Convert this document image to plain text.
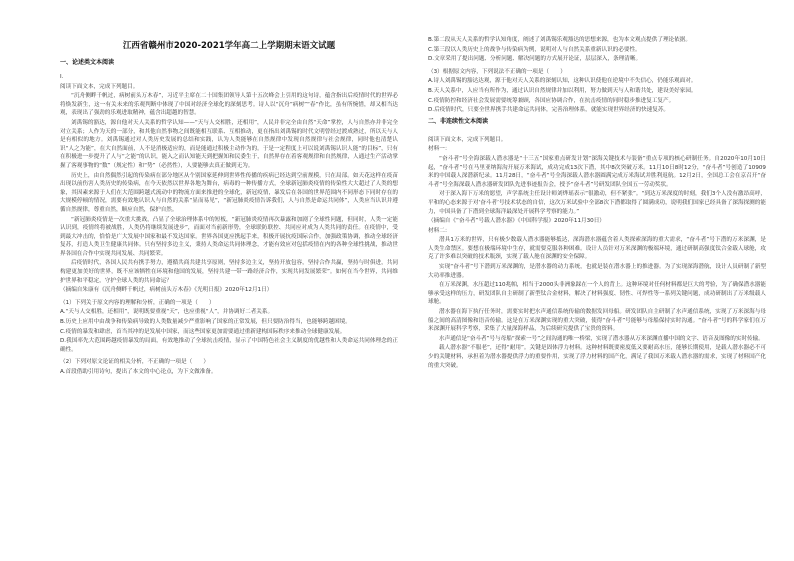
江西省赣州市2020-2021学年高二上学期期末语文试题
一、论述类文本阅读

I.

阅读下面文本，完成下列题目。

“沉舟侧畔千帆过，病树前头万木春”，习近平主席在二十国集团领导人第十五次峰会上引用的这句诗，蕴含指出后疫情时代的世界必将焕发新生，这一有关未来的乐观判断中体现了中国对经济全球化的深刻思考。诗人以“沉舟”病树”“春”作比，虽有所惋惜，却又相当达观，表现出了强劲的乐观进取精神，蕴含出超越的智慧。

刘禹锡的豁达，源自他对天人关系的哲学认知——“天与人交相胜，还相用”，人民并非完全由自然“天命”掌控，人与自然亦并非完全对立关系；人作为天的一部分，和其他自然事物之间既能相互联系、互相推动，更在指出刘禹锡的时代文明曾经过渡成熟过，所以天与人是有相似的地方。刘禹锡通过对人类历史发展的总结和实践，认为人类能够在自然规律中发现自然规律与社会规律，同时他也清楚认识“人之为能”，在大自然面前，人不是消极适应的，而是能通过积极主动作为的。于是一定程度上可以说刘禹锡认识人能“的目标”，只有在积极进一步提升了人与“之能”的认识，能入之而认知能天到把握知和民委生于，自然界存在着客观规律和自然规律，人通过生产活动掌握了客观事物的“数”（规定性）和“势”（必然性），人要能够去真正做到无为。

历史上，由自然偶然引起的传染病在部分地区从个别国家延伸到世界性传播的疾病已经达到空前规模，只在局部。如天花这样在疫苗出现以前伤害人类历史的传染病，在今天依然以世界各地为舞台，病毒的一种传播方式，全球新冠肺炎疫情的传染性大大超过了人类的想象，其因素来源于人们在大范围跨越式流动中的物流方面来推进的全球化，新冠疫情，暴发后在各国的世界范围内不同形态下同时存在的大规模停顿的情况，需要有效地认识人与自然的关系“显而易见”，“新冠肺炎疫情告诉我们，人与自然是命运共同体”，人类应当认识并遵循自然规律，尊重自然，顺应自然，保护自然。

“新冠肺炎疫情是一次重大挑战，凸显了全球治理体系中的短板，“新冠肺炎疫情再次暴露和加剧了全球性问题，但同时，人类一定能认识到，疫情终将被战胜，人类仍将继续发展进步”，而面对当前新形势，全球联防联控、共同应对成为人类共同的责任。在疫情中，受到最大冲击的，恰恰是广大发展中国家和最不发达国家。世界各国更应携起手来，积极开展抗疫国际合作，加强政策协调，推动全球经济复苏，打造人类卫生健康共同体。只有坚持多边主义，秉持人类命运共同体理念，才能有效应对包括疫情在内的各种全球性挑战，推动世界各国在合作中实现共同发展、共同繁荣。

后疫情时代，各国人民共有携手努力，遵循共商共建共享原则，坚持多边主义，坚持开放包容，坚持合作共赢，坚持与时俱进，共同构建更加美好的世界，既不应该牺牲在环境和他国的发展，坚持共建一带一路经济合作，实现共同发展繁荣”。如何在当今世界，共同维护世界和平稳定，守护全球人类的共同命运？

（摘编自朱康有《沉舟侧畔千帆过，病树前头万木春》《光明日报》2020年12月1日）

（1）下列关于原文内容的理解和分析，正确的一项是（　　）

A.“天与人交相胜，还相用”，说明既要重视“天”，也应重视“人”，并协调好二者关系。

B.历史上应用中由战争和传染病导致的人类数量减少严重影响了国家的正常发展，但只要防治得当，也能够跨越困境。

C.疫情的暴发和肆虐，首当其冲的是发展中国家，而这些国家更加需要通过重新建构国际秩序来推动全球健康发展。

D.我国率先大范围跨越疫情暴发的局面，有效地推动了全球抗击疫情，显示了中国特色社会主义制度的优越性和人类命运共同体理念的正确性。

（2）下列对原文论证的相关分析，不正确的一项是（　　）

A.首段借助引用诗句，提出了本文的中心论点，为下文做准备。

B.第二段从天人关系的哲学认知角度，阐述了刘禹锡乐观豁达的思想来源，也为本文观点提供了理论依据。

C.第三段以人类历史上的战争与传染病为例，说明对人与自然关系重新认识的必要性。

D.文章采用了提出问题、分析问题、解决问题的方式展开论证，层层深入，条理清晰。

（3）根据原文内容，下列说法不正确的一项是（　　）

A.诗人刘禹锡的豁达达观，源于他对天人关系的深刻认知，这种认识使他在逆境中不失信心，仍能乐观面对。

B.天人关系中，人应当有所作为，通过认识自然规律并加以利用，努力做到天与人和谐共处，建设美好家园。

C.疫情防控和经济社会发展需要统筹兼顾，各国应协调合作，在抗击疫情的同时稳步推进复工复产。

D.后疫情时代，只要全世界携手共建命运共同体，完善治理体系，就能实现世界经济的快速复苏。

二、非连续性文本阅读

阅读下面文本，完成下列题目。

材料一：

“奋斗者”号全海深载人潜水器是“十三五”国家重点研发计划“深海关键技术与装备”重点专项的核心研制任务。自2020年10月10日起，“奋斗者”号在马里亚纳海沟开展万米海试，成功完成13次下潜，其中8次突破万米。11月10日8时12分，“奋斗者”号创造了10909米的中国载人深潜新纪录。11月28日，“奋斗者”号全海深载人潜水器圆满完成万米海试并胜利返航。12月2日，全国总工会在京召开“奋斗者”号全海深载人潜水器研发团队先进事迹报告会，授予“奋斗者”号研发团队全国五一劳动奖状。

对于深入海下万米的愿望，声学系统主任设计师刘烨瑶表示“很激动，但不紧张”。“到达万米深度的时刻，我们3个人没有激昂高呼，平和的心态来源于对‘奋斗者’号技术状态的自信，这次万米试验中全部8次下潜都取得了圆满成功，说明我们国家已经具备了深海探测的能力，中国具备了下潜到全球海洋最深处开展科学考察的能力。”

（摘编自《“奋斗者”号载人潜水器》《中国科学报》2020年11月30日）

材料二：

潜具1万米的世界，只有极少数载人潜水器能够抵达，深海潜水器蕴含着人类探索深海的重大需求，“奋斗者”号下潜的万米深渊，是人类生命禁区。要想在极端环境中生存，就需要克服各种困难。设计人员针对万米深渊的极端环境，通过研制高强度钛合金载人球舱，攻克了许多难以突破的技术瓶颈，实现了载人舱在深渊的安全保障。

实现“奋斗者”号下潜到万米深渊的，是潜水器的动力系统，也就是装在潜水器上的推进器。为了实现深海潜航，设计人员研制了新型大功率推进器。

在万米深渊，水压超过110兆帕，相当于2000头非洲象踩在一个人的背上。这种环境对任何材料都是巨大的考验，为了确保潜水器能够承受这样的压力，研发团队自主研制了新型钛合金材料，解决了材料强度、韧性、可焊性等一系列关键问题，成功研制出了万米级载人球舱。

潜水器在海下执行任务时，需要实时把水声通信系统传输的数据发回母船。研发团队自主研制了水声通信系统，实现了万米深海与母船之间的高清图像和语音传输。这是在万米深渊实现的重大突破，使得“奋斗者”号能够与母船保持实时沟通。“奋斗者”号的科学家们在万米深渊开展科学考察，采集了大量深海样品，为后续研究提供了宝贵的资料。

水声通信是“奋斗者”号与母船“探索一号”之间沟通的唯一桥梁，实现了潜水器从万米深渊直播中国的文字、语音及图像的实时传输。

载人潜水器“不服老”，还得“耐用”。关键是固体浮力材料。这种材料既要密度低又要耐高水压，能够长期使用，是载人潜水器必不可少的关键材料，承担着为潜水器提供浮力的重要作用，实现了浮力材料的国产化，满足了我国万米载人潜水器的需求，实现了材料国产化的重大突破。
